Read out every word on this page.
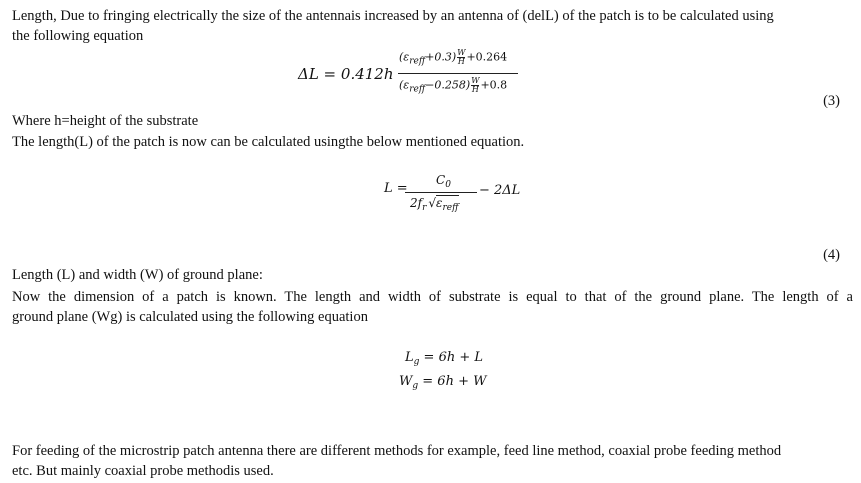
Length, Due to fringing electrically the size of the antennais increased by an antenna of (delL) of the patch is to be calculated using
the following equation
ΔL = 0.412h
$(\varepsilon_{reff}+0.3) \frac{W}{H} +0.264$
$(\varepsilon_{reff}-0.258) \frac{W}{H} +0.8$
(3)
Where h=height of the substrate
The length(L) of the patch is now can be calculated usingthe below mentioned equation.
L =
$C_0$
$2f_r$ $√\varepsilon_{reff}$
− 2ΔL
(4)
Length (L) and width (W) of ground plane:
Now the dimension of a patch is known. The length and width of substrate is equal to that of the ground plane. The length of a
ground plane (Wg) is calculated using the following equation
$L_g = 6h + L$
$W_g = 6h + W$
For feeding of the microstrip patch antenna there are different methods for example, feed line method, coaxial probe feeding method
etc. But mainly coaxial probe methodis used.
